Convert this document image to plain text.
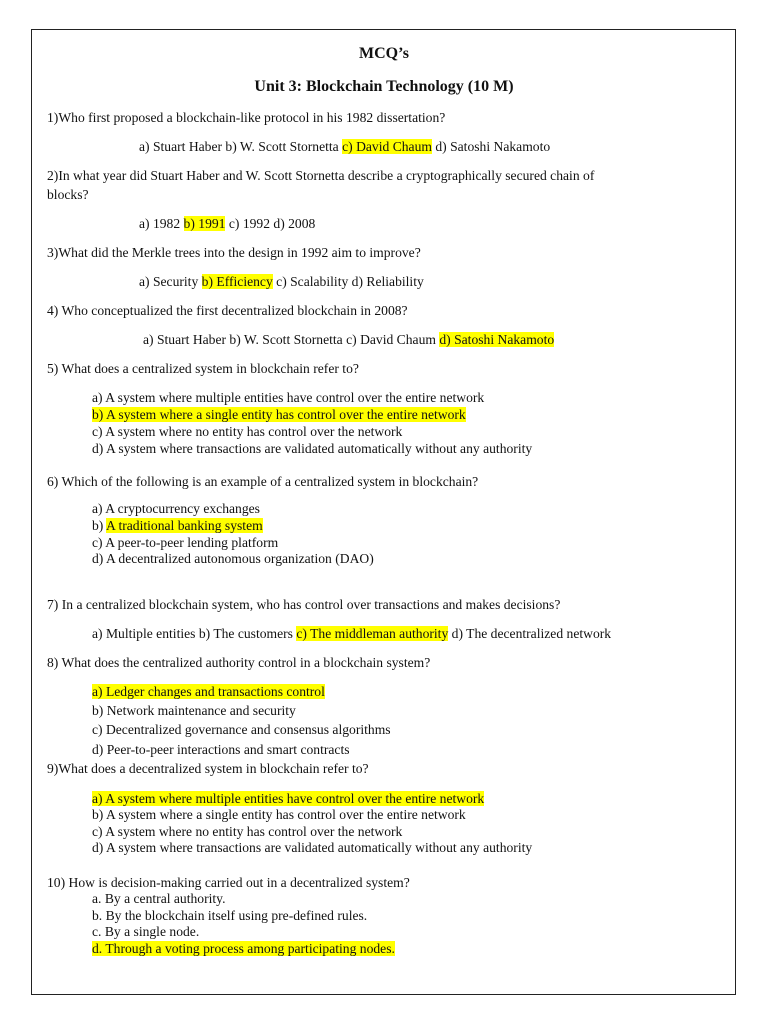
MCQ’s
Unit 3: Blockchain Technology (10 M)
1)Who first proposed a blockchain-like protocol in his 1982 dissertation?
a) Stuart Haber b) W. Scott Stornetta c) David Chaum d) Satoshi Nakamoto
2)In what year did Stuart Haber and W. Scott Stornetta describe a cryptographically secured chain of
blocks?
a) 1982 b) 1991 c) 1992 d) 2008
3)What did the Merkle trees into the design in 1992 aim to improve?
a) Security b) Efficiency c) Scalability d) Reliability
4) Who conceptualized the first decentralized blockchain in 2008?
a) Stuart Haber b) W. Scott Stornetta c) David Chaum d) Satoshi Nakamoto
5) What does a centralized system in blockchain refer to?
a) A system where multiple entities have control over the entire network
b) A system where a single entity has control over the entire network
c) A system where no entity has control over the network
d) A system where transactions are validated automatically without any authority
6) Which of the following is an example of a centralized system in blockchain?
a) A cryptocurrency exchanges
b) A traditional banking system
c) A peer-to-peer lending platform
d) A decentralized autonomous organization (DAO)
7) In a centralized blockchain system, who has control over transactions and makes decisions?
a) Multiple entities b) The customers c) The middleman authority d) The decentralized network
8) What does the centralized authority control in a blockchain system?
a) Ledger changes and transactions control
b) Network maintenance and security
c) Decentralized governance and consensus algorithms
d) Peer-to-peer interactions and smart contracts
9)What does a decentralized system in blockchain refer to?
a) A system where multiple entities have control over the entire network
b) A system where a single entity has control over the entire network
c) A system where no entity has control over the network
d) A system where transactions are validated automatically without any authority
10) How is decision-making carried out in a decentralized system?
a. By a central authority.
b. By the blockchain itself using pre-defined rules.
c. By a single node.
d. Through a voting process among participating nodes.
